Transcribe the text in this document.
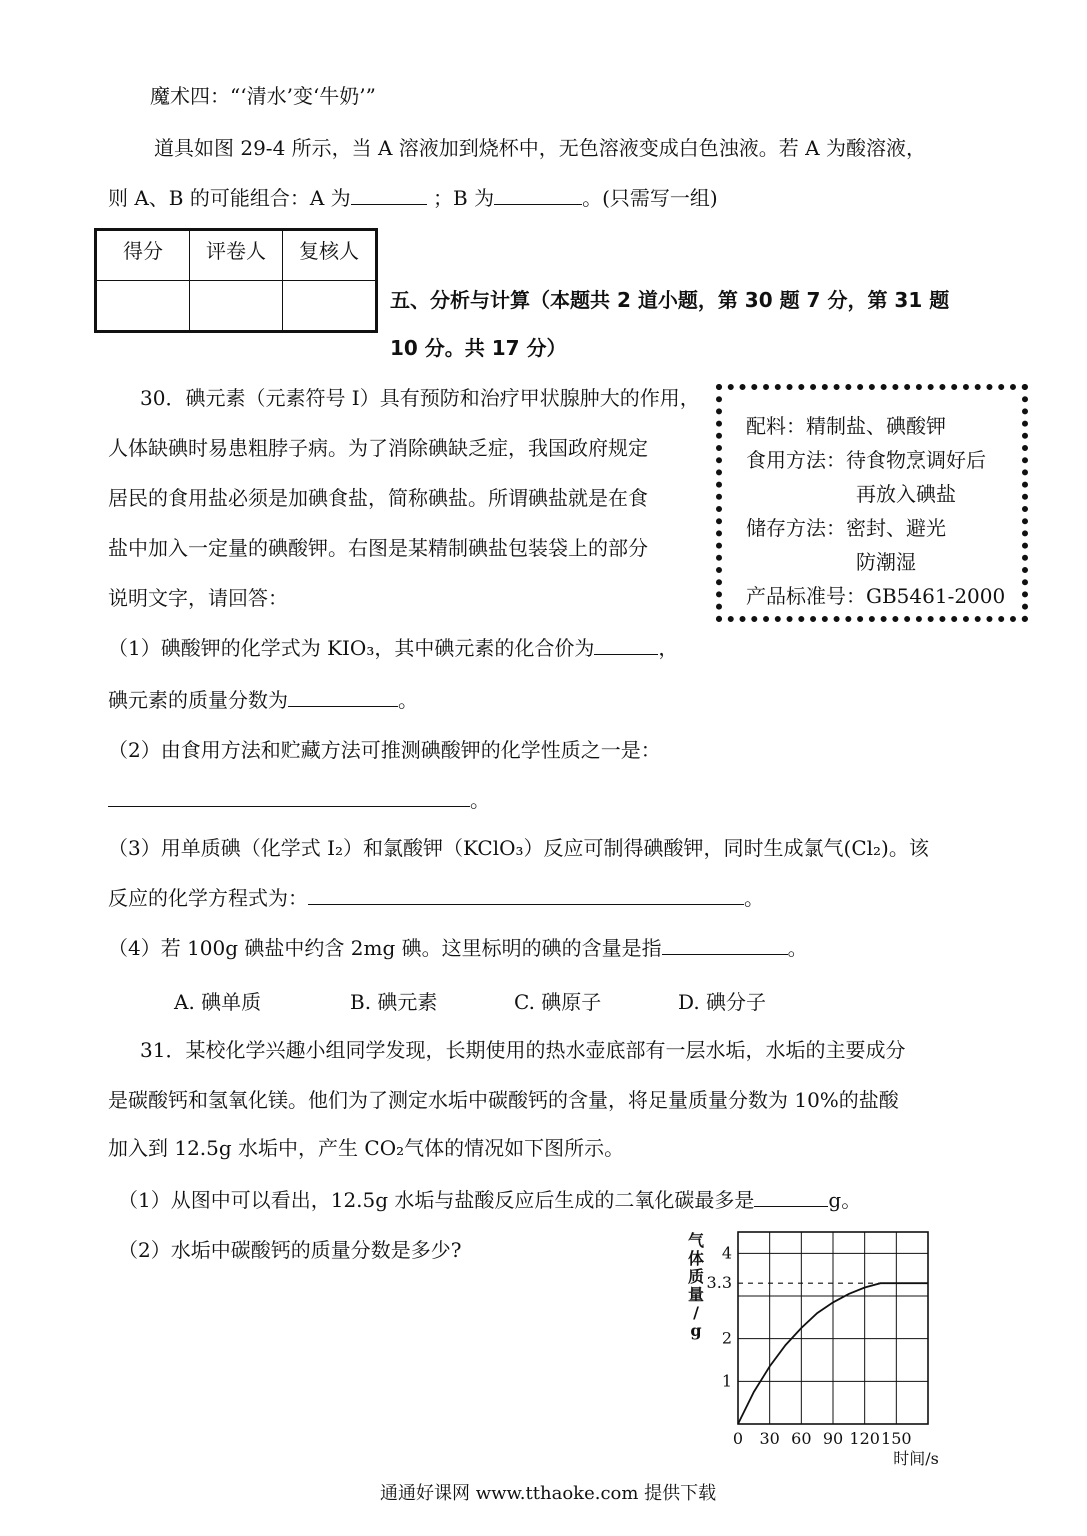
魔术四：“‘清水’变‘牛奶’”
道具如图 29-4 所示，当 A 溶液加到烧杯中，无色溶液变成白色浊液。若 A 为酸溶液，
则 A、B 的可能组合：A 为	；B 为	。(只需写一组)
得分	评卷人	复核人

五、分析与计算（本题共 2 道小题，第 30 题 7 分，第 31 题
10 分。共 17 分）
30．碘元素（元素符号 I）具有预防和治疗甲状腺肿大的作用，
人体缺碘时易患粗脖子病。为了消除碘缺乏症，我国政府规定
居民的食用盐必须是加碘食盐，简称碘盐。所谓碘盐就是在食
盐中加入一定量的碘酸钾。右图是某精制碘盐包装袋上的部分
说明文字，请回答：
配料：精制盐、碘酸钾
食用方法：待食物烹调好后
再放入碘盐
储存方法：密封、避光
防潮湿
产品标准号：GB5461-2000
（1）碘酸钾的化学式为 KIO₃，其中碘元素的化合价为	，
碘元素的质量分数为	。
（2）由食用方法和贮藏方法可推测碘酸钾的化学性质之一是：
。
（3）用单质碘（化学式 I₂）和氯酸钾（KClO₃）反应可制得碘酸钾，同时生成氯气(Cl₂)。该
反应的化学方程式为：	。
（4）若 100g 碘盐中约含 2mg 碘。这里标明的碘的含量是指	。
A. 碘单质	B. 碘元素	C. 碘原子	D. 碘分子
31．某校化学兴趣小组同学发现，长期使用的热水壶底部有一层水垢，水垢的主要成分
是碳酸钙和氢氧化镁。他们为了测定水垢中碳酸钙的含量，将足量质量分数为 10%的盐酸
加入到 12.5g 水垢中，产生 CO₂气体的情况如下图所示。
（1）从图中可以看出，12.5g 水垢与盐酸反应后生成的二氧化碳最多是	g。
（2）水垢中碳酸钙的质量分数是多少?
0 30 60 90 120 150
1
2
3.3
4
时间/s
气
体
质
量
/
g
通通好课网 www.tthaoke.com 提供下载
